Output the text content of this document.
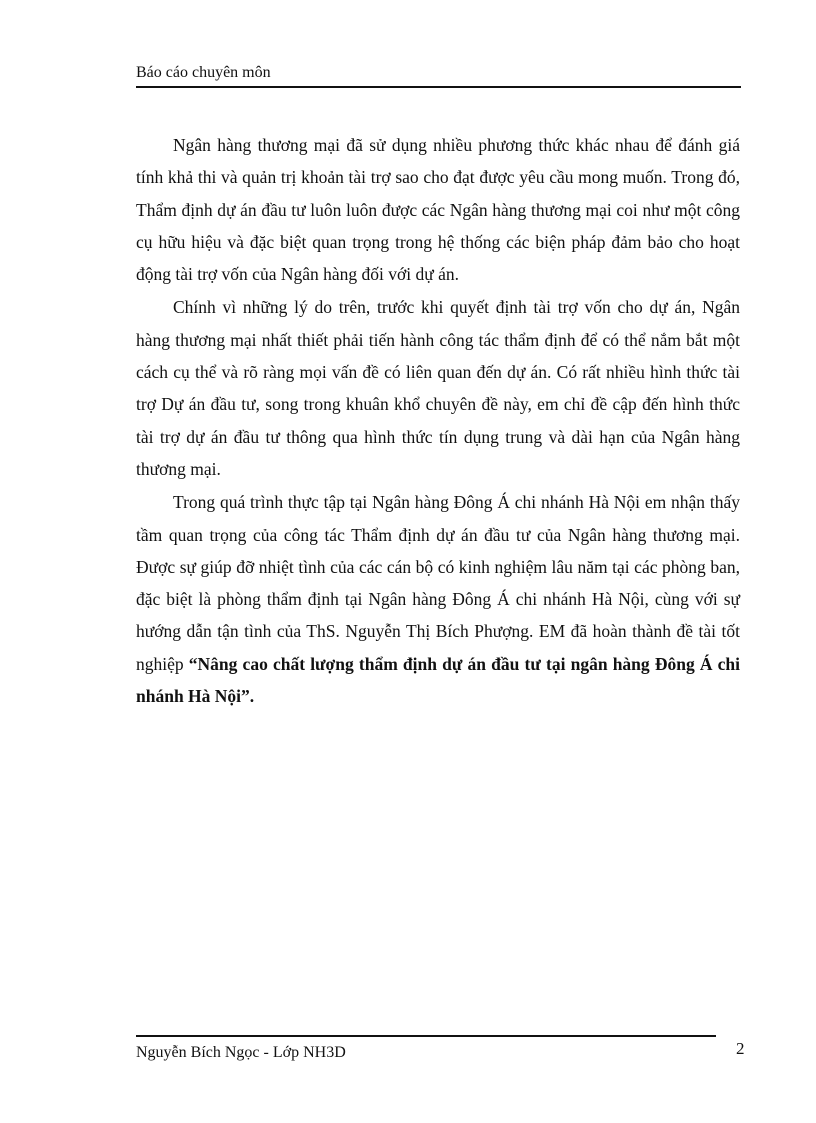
Báo cáo chuyên môn

Ngân hàng thương mại đã sử dụng nhiều phương thức khác nhau để đánh giá tính khả thi và quản trị khoản tài trợ sao cho đạt được yêu cầu mong muốn. Trong đó, Thẩm định dự án đầu tư luôn luôn được các Ngân hàng thương mại coi như một công cụ hữu hiệu và đặc biệt quan trọng trong hệ thống các biện pháp đảm bảo cho hoạt động tài trợ vốn của Ngân hàng đối với dự án.

Chính vì những lý do trên, trước khi quyết định tài trợ vốn cho dự án, Ngân hàng thương mại nhất thiết phải tiến hành công tác thẩm định để có thể nắm bắt một cách cụ thể và rõ ràng mọi vấn đề có liên quan đến dự án. Có rất nhiều hình thức tài trợ Dự án đầu tư, song trong khuân khổ chuyên đề này, em chỉ đề cập đến hình thức tài trợ dự án đầu tư thông qua hình thức tín dụng trung và dài hạn của Ngân hàng thương mại.

Trong quá trình thực tập tại Ngân hàng Đông Á chi nhánh Hà Nội em nhận thấy tầm quan trọng của công tác Thẩm định dự án đầu tư của Ngân hàng thương mại. Được sự giúp đỡ nhiệt tình của các cán bộ có kinh nghiệm lâu năm tại các phòng ban, đặc biệt là phòng thẩm định tại Ngân hàng Đông Á chi nhánh Hà Nội, cùng với sự hướng dẫn tận tình của ThS. Nguyễn Thị Bích Phượng. EM đã hoàn thành đề tài tốt nghiệp “Nâng cao chất lượng thẩm định dự án đầu tư tại ngân hàng Đông Á chi nhánh Hà Nội”.

Nguyễn Bích Ngọc - Lớp NH3D	2
